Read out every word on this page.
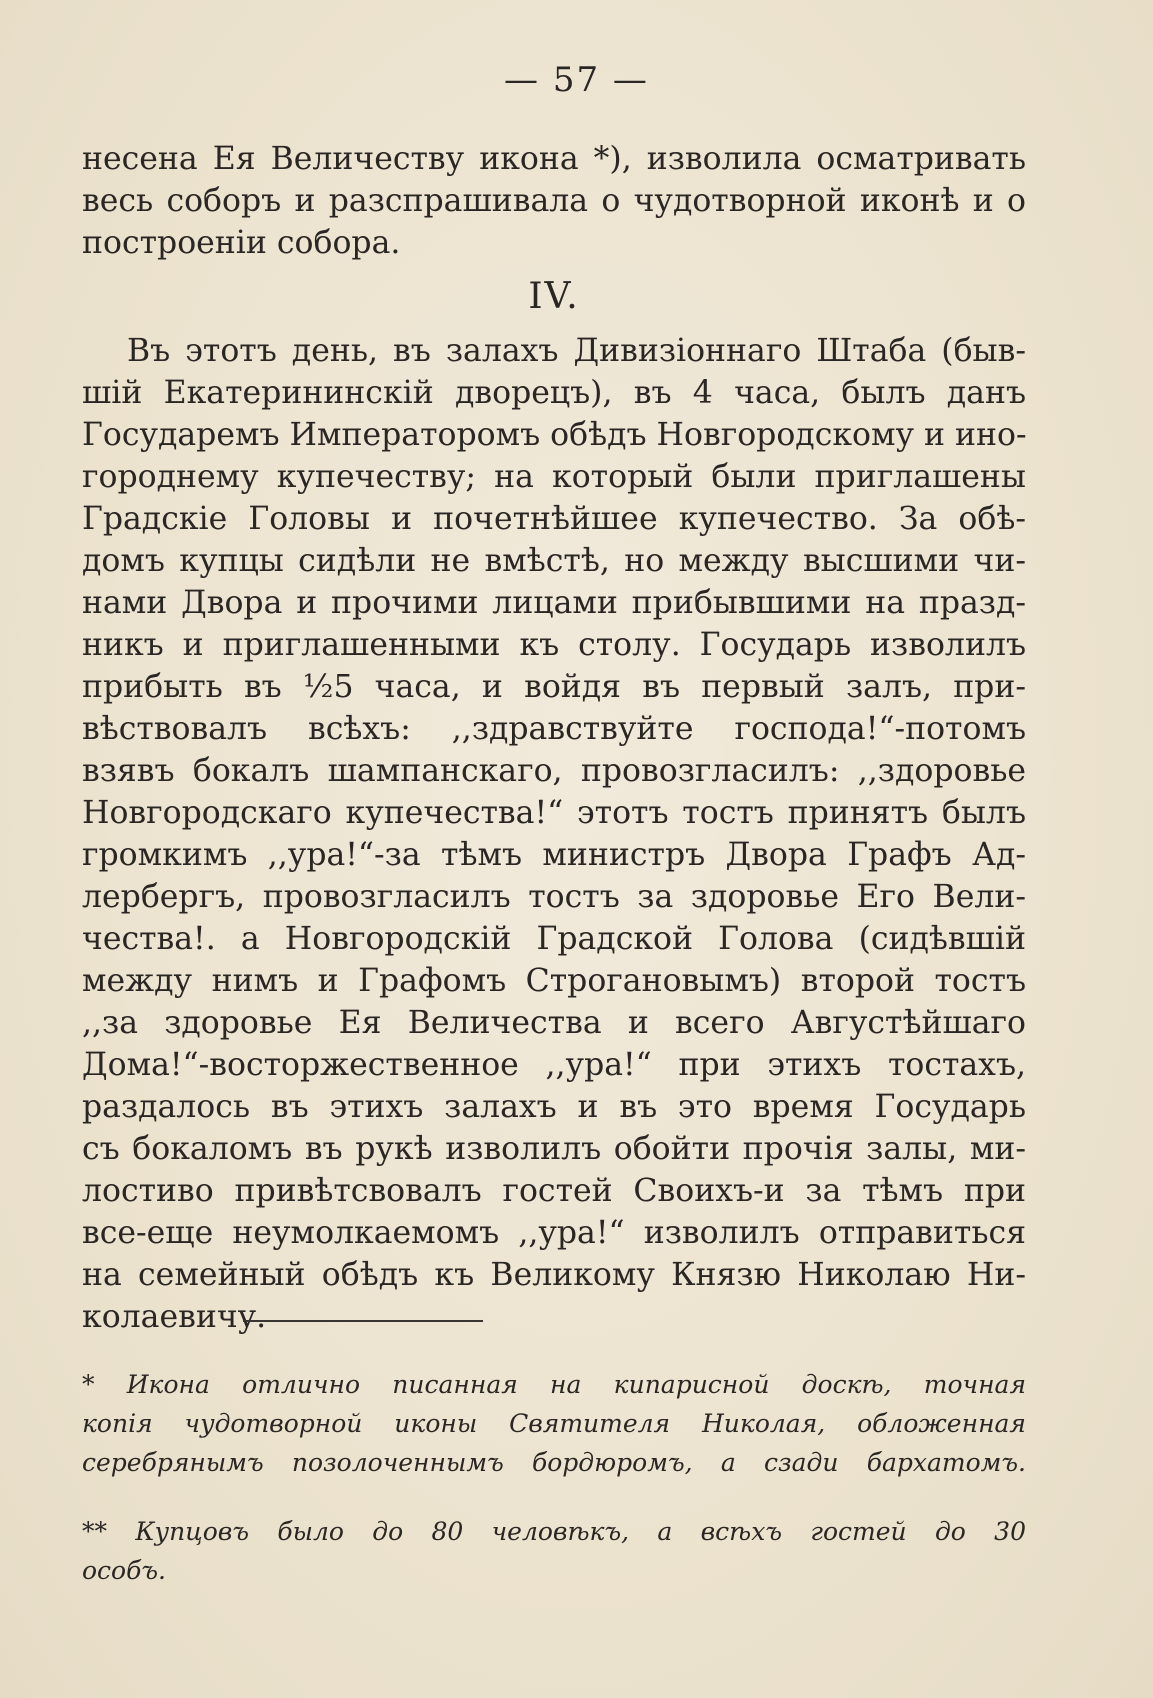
— 57 —
несена Ея Величеству икона *), изволила осматривать
весь соборъ и разспрашивала о чудотворной иконѣ и о
построеніи собора.
IV.
Въ этотъ день, въ залахъ Дивизіоннаго Штаба (быв-
шій Екатерининскій дворецъ), въ 4 часа, былъ данъ
Государемъ Императоромъ обѣдъ Новгородскому и ино-
городнему купечеству; на который были приглашены
Градскіе Головы и почетнѣйшее купечество. За обѣ-
домъ купцы сидѣли не вмѣстѣ, но между высшими чи-
нами Двора и прочими лицами прибывшими на празд-
никъ и приглашенными къ столу. Государь изволилъ
прибыть въ ½5 часа, и войдя въ первый залъ, при-
вѣствовалъ всѣхъ: ,,здравствуйте господа!“-потомъ
взявъ бокалъ шампанскаго, провозгласилъ: ,,здоровье
Новгородскаго купечества!“ этотъ тостъ принятъ былъ
громкимъ ,,ура!“-за тѣмъ министръ Двора Графъ Ад-
лербергъ, провозгласилъ тостъ за здоровье Его Вели-
чества!. а Новгородскій Градской Голова (сидѣвшій
между нимъ и Графомъ Строгановымъ) второй тостъ
,,за здоровье Ея Величества и всего Августѣйшаго
Дома!“-восторжественное ,,ура!“ при этихъ тостахъ,
раздалось въ этихъ залахъ и въ это время Государь
съ бокаломъ въ рукѣ изволилъ обойти прочія залы, ми-
лостиво привѣтсвовалъ гостей Своихъ-и за тѣмъ при
все-еще неумолкаемомъ ,,ура!“ изволилъ отправиться
на семейный обѣдъ къ Великому Князю Николаю Ни-
колаевичу.
* Икона отлично писанная на кипарисной доскѣ, точная
копія чудотворной иконы Святителя Николая, обложенная
серебрянымъ позолоченнымъ бордюромъ, а сзади бархатомъ.
** Купцовъ было до 80 человѣкъ, а всѣхъ гостей до 30
особъ.
